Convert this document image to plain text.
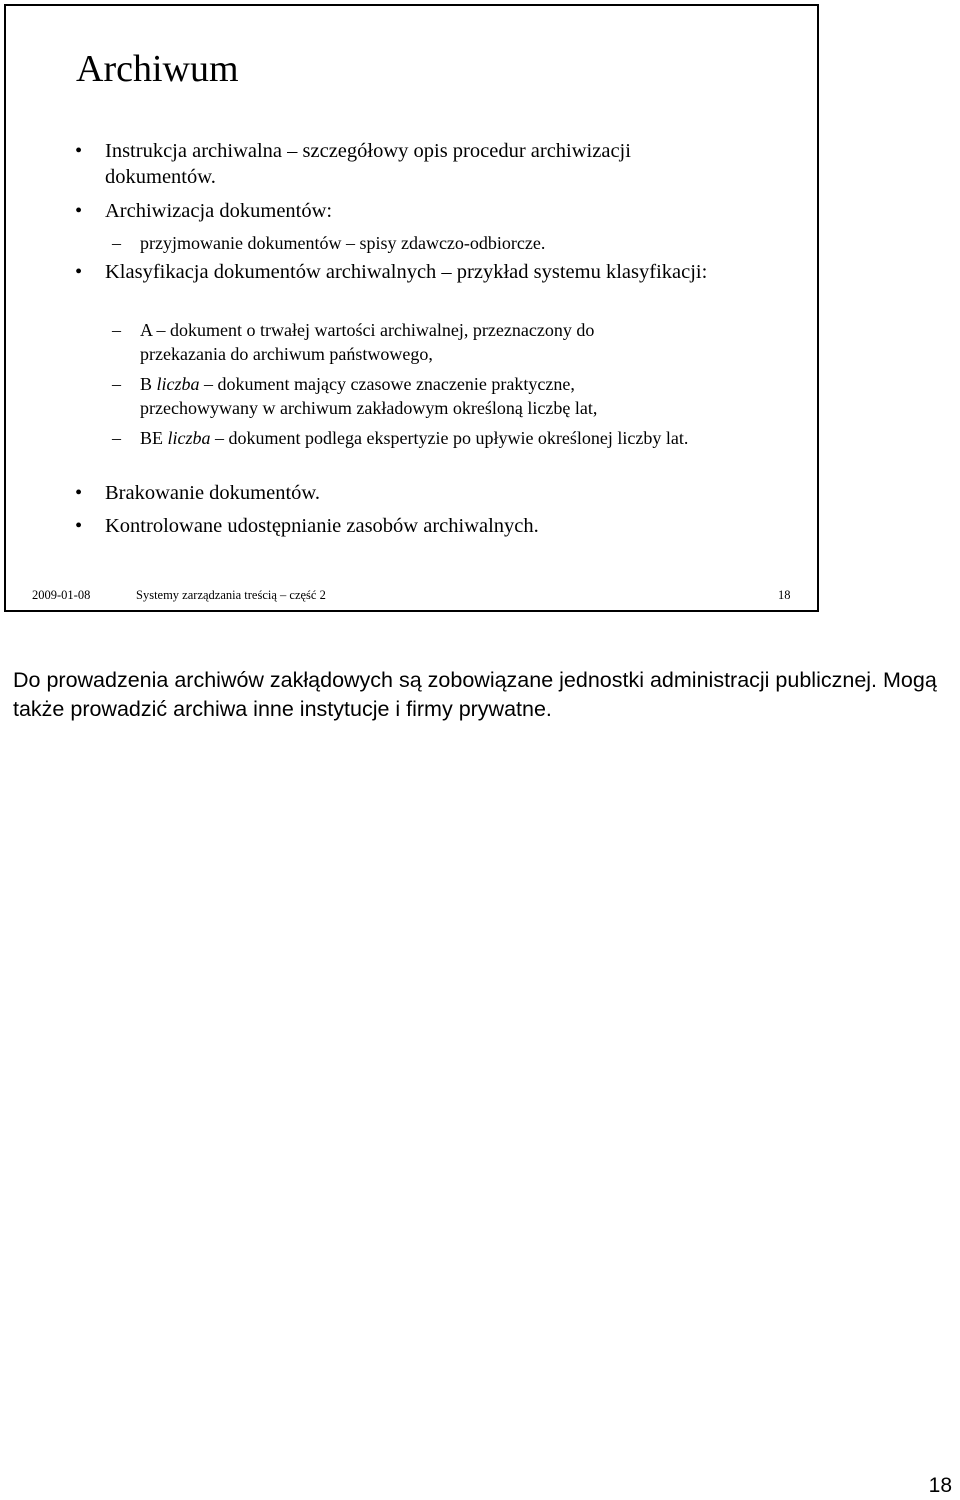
Archiwum
• Instrukcja archiwalna – szczegółowy opis procedur archiwizacji dokumentów.
• Archiwizacja dokumentów:
– przyjmowanie dokumentów – spisy zdawczo-odbiorcze.
• Klasyfikacja dokumentów archiwalnych – przykład systemu klasyfikacji:
– A – dokument o trwałej wartości archiwalnej, przeznaczony do przekazania do archiwum państwowego,
– B liczba – dokument mający czasowe znaczenie praktyczne, przechowywany w archiwum zakładowym określoną liczbę lat,
– BE liczba – dokument podlega ekspertyzie po upływie określonej liczby lat.
• Brakowanie dokumentów.
• Kontrolowane udostępnianie zasobów archiwalnych.
2009-01-08	Systemy zarządzania treścią – część 2	18
Do prowadzenia archiwów zakłądowych są zobowiązane jednostki administracji publicznej. Mogą także prowadzić archiwa inne instytucje i firmy prywatne.
18
